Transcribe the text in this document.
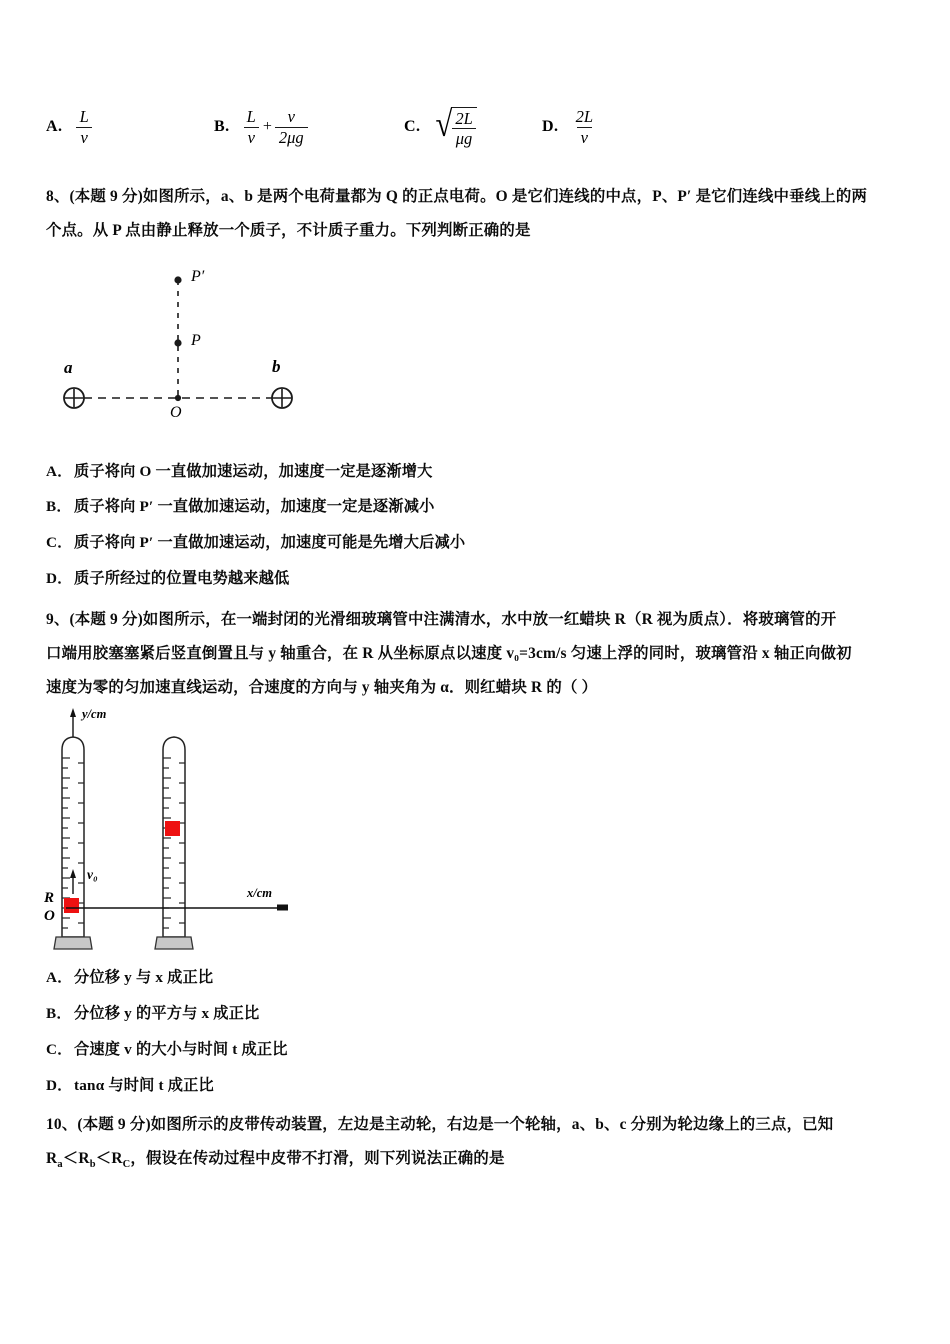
A. $\frac{L}{v}$	B. $\frac{L}{v} + \frac{v}{2\mu g}$	C. √ $\frac{2L}{\mu g}$	D. $\frac{2L}{v}$
8、(本题 9 分)如图所示，a、b 是两个电荷量都为 Q 的正点电荷。O 是它们连线的中点，P、P′ 是它们连线中垂线上的两
个点。从 P 点由静止释放一个质子，不计质子重力。下列判断正确的是
a	b
O
P
P′
A．质子将向 O 一直做加速运动，加速度一定是逐渐增大
B． 质子将向 P′ 一直做加速运动，加速度一定是逐渐减小
C．质子将向 P′ 一直做加速运动，加速度可能是先增大后减小
D．质子所经过的位置电势越来越低
9、(本题 9 分)如图所示，在一端封闭的光滑细玻璃管中注满清水，水中放一红蜡块 R（R 视为质点）．将玻璃管的开
口端用胶塞塞紧后竖直倒置且与 y 轴重合，在 R 从坐标原点以速度 v₀=3cm/s 匀速上浮的同时，玻璃管沿 x 轴正向做初
速度为零的匀加速直线运动，合速度的方向与 y 轴夹角为 α．则红蜡块 R 的（ ）
y/cm
x/cm
R
O
v₀
A．分位移 y 与 x 成正比
B． 分位移 y 的平方与 x 成正比
C．合速度 v 的大小与时间 t 成正比
D．tanα 与时间 t 成正比
10、(本题 9 分)如图所示的皮带传动装置，左边是主动轮，右边是一个轮轴，a、b、c 分别为轮边缘上的三点，已知
$R_a<R_b<R_C$，假设在传动过程中皮带不打滑，则下列说法正确的是
